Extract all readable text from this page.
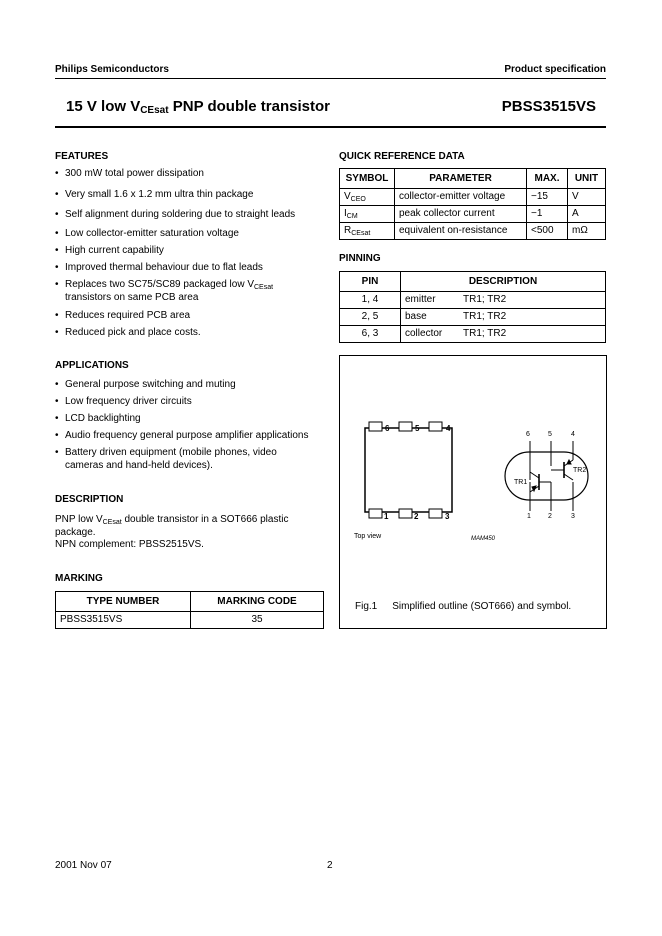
Philips Semiconductors	Product specification
15 V low $V_{CEsat}$ PNP double transistor	PBSS3515VS
FEATURES
• 300 mW total power dissipation
• Very small 1.6 x 1.2 mm ultra thin package
• Self alignment during soldering due to straight leads
• Low collector-emitter saturation voltage
• High current capability
• Improved thermal behaviour due to flat leads
• Replaces two SC75/SC89 packaged low $V_{CEsat}$
transistors on same PCB area
• Reduces required PCB area
• Reduced pick and place costs.
APPLICATIONS
• General purpose switching and muting
• Low frequency driver circuits
• LCD backlighting
• Audio frequency general purpose amplifier applications
• Battery driven equipment (mobile phones, video
cameras and hand-held devices).
DESCRIPTION
PNP low $V_{CEsat}$ double transistor in a SOT666 plastic
package.
NPN complement: PBSS2515VS.
MARKING
TYPE NUMBER	MARKING CODE
PBSS3515VS	35
QUICK REFERENCE DATA
SYMBOL	PARAMETER	MAX.	UNIT
$V_{CEO}$	collector-emitter voltage	−15	V
$I_{CM}$	peak collector current	−1	A
$R_{CEsat}$	equivalent on-resistance	<500	mΩ
PINNING
PIN	DESCRIPTION	
1, 4	emitter	TR1; TR2
2, 5	base	TR1; TR2
6, 3	collector	TR1; TR2
6	5	4
1	2	3
Top view	MAM450
6	5	4
1 2	3
TR1
TR2
Fig.1 Simplified outline (SOT666) and symbol.
2001 Nov 07	2
